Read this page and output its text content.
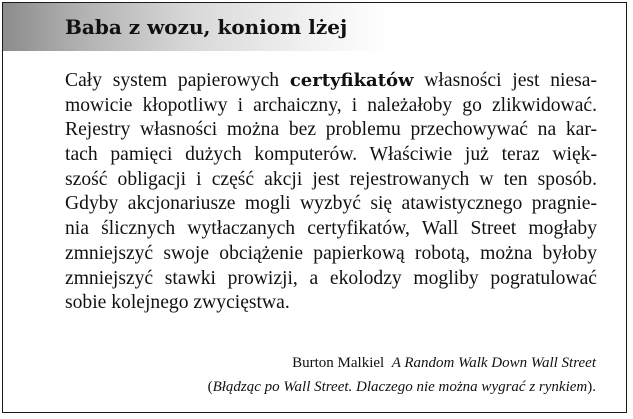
Baba z wozu, koniom lżej
Cały system papierowych certyfikatów własności jest niesa-
mowicie kłopotliwy i archaiczny, i należałoby go zlikwidować.
Rejestry własności można bez problemu przechowywać na kar-
tach pamięci dużych komputerów. Właściwie już teraz więk-
szość obligacji i część akcji jest rejestrowanych w ten sposób.
Gdyby akcjonariusze mogli wyzbyć się atawistycznego pragnie-
nia ślicznych wytłaczanych certyfikatów, Wall Street mogłaby
zmniejszyć swoje obciążenie papierkową robotą, można byłoby
zmniejszyć stawki prowizji, a ekolodzy mogliby pogratulować
sobie kolejnego zwycięstwa.
Burton Malkiel A Random Walk Down Wall Street
(Błądząc po Wall Street. Dlaczego nie można wygrać z rynkiem).
